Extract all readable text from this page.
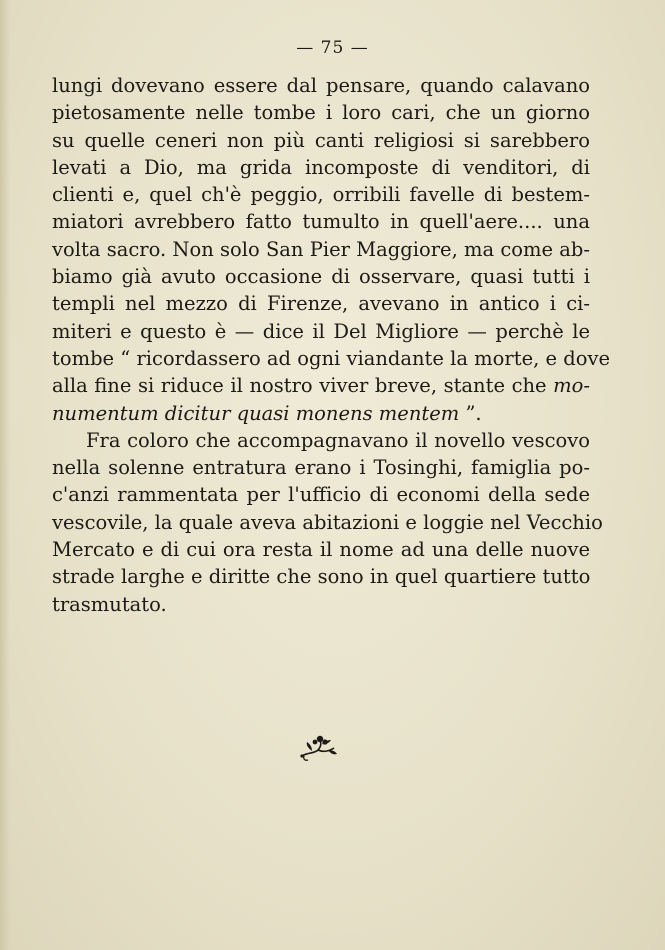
— 75 —
lungi dovevano essere dal pensare, quando calavano
pietosamente nelle tombe i loro cari, che un giorno
su quelle ceneri non più canti religiosi si sarebbero
levati a Dio, ma grida incomposte di venditori, di
clienti e, quel ch'è peggio, orribili favelle di bestem-
miatori avrebbero fatto tumulto in quell'aere.... una
volta sacro. Non solo San Pier Maggiore, ma come ab-
biamo già avuto occasione di osservare, quasi tutti i
templi nel mezzo di Firenze, avevano in antico i ci-
miteri e questo è — dice il Del Migliore — perchè le
tombe “ ricordassero ad ogni viandante la morte, e dove
alla fine si riduce il nostro viver breve, stante che mo-
numentum dicitur quasi monens mentem ”.
Fra coloro che accompagnavano il novello vescovo
nella solenne entratura erano i Tosinghi, famiglia po-
c'anzi rammentata per l'ufficio di economi della sede
vescovile, la quale aveva abitazioni e loggie nel Vecchio
Mercato e di cui ora resta il nome ad una delle nuove
strade larghe e diritte che sono in quel quartiere tutto
trasmutato.
